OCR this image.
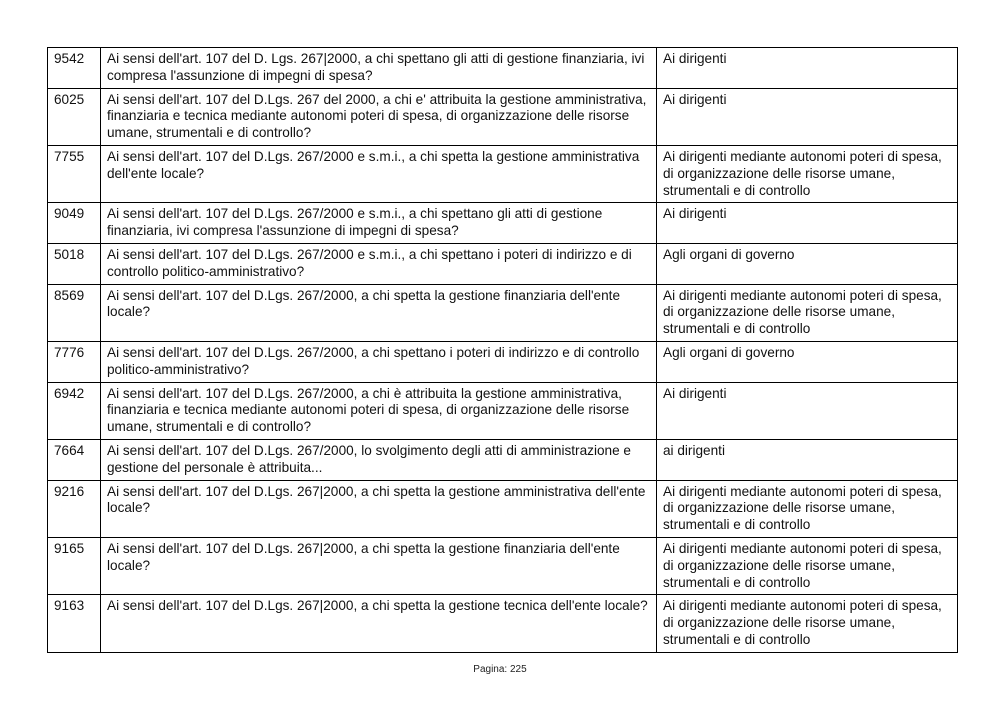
9542	Ai sensi dell'art. 107 del D. Lgs. 267|2000, a chi spettano gli atti di gestione finanziaria, ivi compresa l'assunzione di impegni di spesa?	Ai dirigenti
6025	Ai sensi dell'art. 107 del D.Lgs. 267 del 2000, a chi e' attribuita la gestione amministrativa, finanziaria e tecnica mediante autonomi poteri di spesa, di organizzazione delle risorse umane, strumentali e di controllo?	Ai dirigenti
7755	Ai sensi dell'art. 107 del D.Lgs. 267/2000 e s.m.i., a chi spetta la gestione amministrativa dell'ente locale?	Ai dirigenti mediante autonomi poteri di spesa, di organizzazione delle risorse umane, strumentali e di controllo
9049	Ai sensi dell'art. 107 del D.Lgs. 267/2000 e s.m.i., a chi spettano gli atti di gestione finanziaria, ivi compresa l'assunzione di impegni di spesa?	Ai dirigenti
5018	Ai sensi dell'art. 107 del D.Lgs. 267/2000 e s.m.i., a chi spettano i poteri di indirizzo e di controllo politico-amministrativo?	Agli organi di governo
8569	Ai sensi dell'art. 107 del D.Lgs. 267/2000, a chi spetta la gestione finanziaria dell'ente locale?	Ai dirigenti mediante autonomi poteri di spesa, di organizzazione delle risorse umane, strumentali e di controllo
7776	Ai sensi dell'art. 107 del D.Lgs. 267/2000, a chi spettano i poteri di indirizzo e di controllo politico-amministrativo?	Agli organi di governo
6942	Ai sensi dell'art. 107 del D.Lgs. 267/2000, a chi è attribuita la gestione amministrativa, finanziaria e tecnica mediante autonomi poteri di spesa, di organizzazione delle risorse umane, strumentali e di controllo?	Ai dirigenti
7664	Ai sensi dell'art. 107 del D.Lgs. 267/2000, lo svolgimento degli atti di amministrazione e gestione del personale è attribuita...	ai dirigenti
9216	Ai sensi dell'art. 107 del D.Lgs. 267|2000, a chi spetta la gestione amministrativa dell'ente locale?	Ai dirigenti mediante autonomi poteri di spesa, di organizzazione delle risorse umane, strumentali e di controllo
9165	Ai sensi dell'art. 107 del D.Lgs. 267|2000, a chi spetta la gestione finanziaria dell'ente locale?	Ai dirigenti mediante autonomi poteri di spesa, di organizzazione delle risorse umane, strumentali e di controllo
9163	Ai sensi dell'art. 107 del D.Lgs. 267|2000, a chi spetta la gestione tecnica dell'ente locale?	Ai dirigenti mediante autonomi poteri di spesa, di organizzazione delle risorse umane, strumentali e di controllo
Pagina: 225
